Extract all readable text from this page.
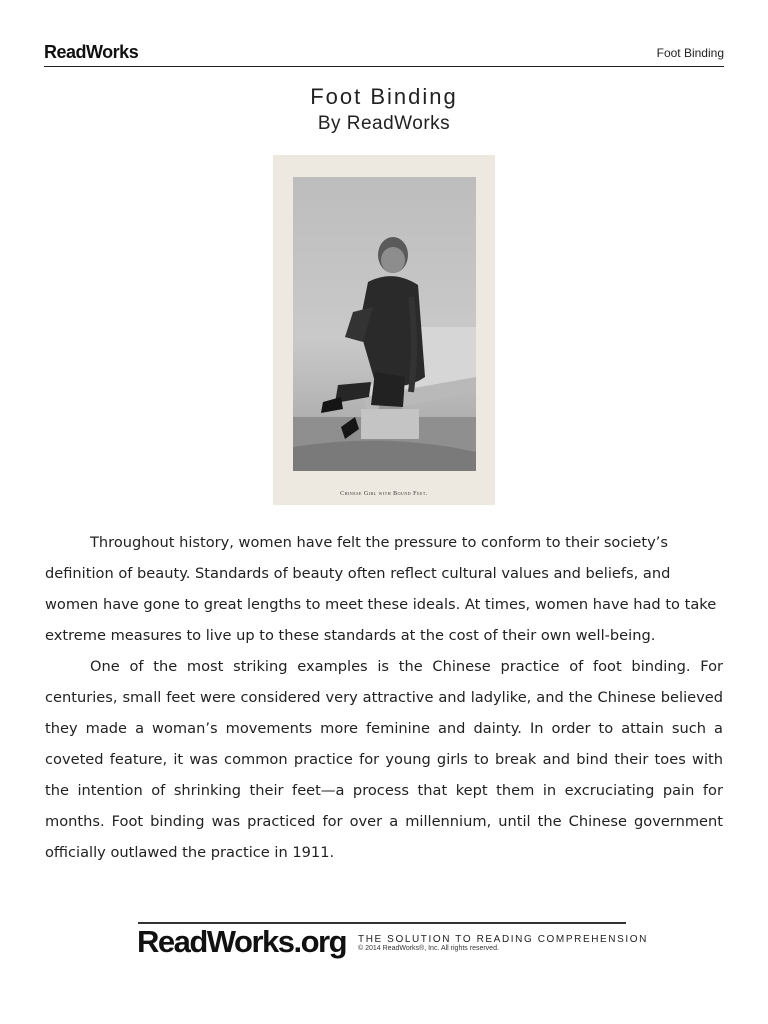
ReadWorks	Foot Binding
Foot Binding
By ReadWorks
Chinese Girl with Bound Feet.

Throughout history, women have felt the pressure to conform to their society’s definition of beauty. Standards of beauty often reflect cultural values and beliefs, and women have gone to great lengths to meet these ideals. At times, women have had to take extreme measures to live up to these standards at the cost of their own well-being.

One of the most striking examples is the Chinese practice of foot binding. For centuries, small feet were considered very attractive and ladylike, and the Chinese believed they made a woman’s movements more feminine and dainty. In order to attain such a coveted feature, it was common practice for young girls to break and bind their toes with the intention of shrinking their feet—a process that kept them in excruciating pain for months. Foot binding was practiced for over a millennium, until the Chinese government officially outlawed the practice in 1911.

ReadWorks.org THE SOLUTION TO READING COMPREHENSION
© 2014 ReadWorks®, Inc. All rights reserved.
